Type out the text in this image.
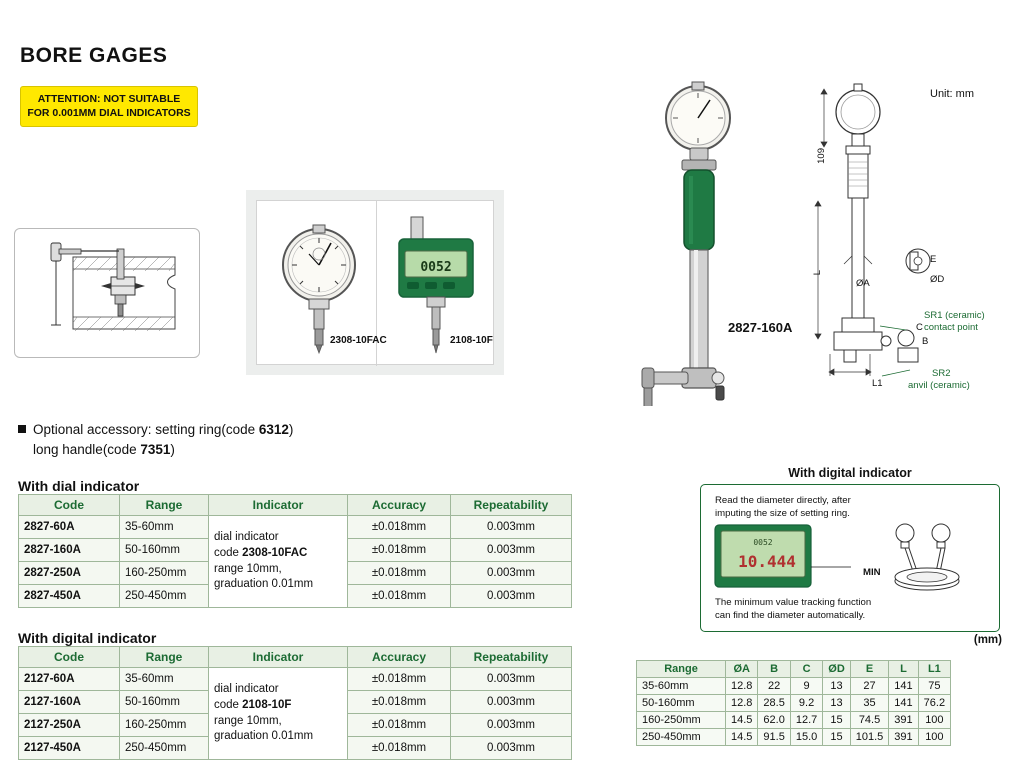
BORE GAGES
ATTENTION: NOT SUITABLE
FOR 0.001MM DIAL INDICATORS
2308-10FAC
0052
2108-10F
Optional accessory: setting ring(code 6312)
long handle(code 7351)
With dial indicator
Code	Range	Indicator	Accuracy	Repeatability
2827-60A	35-60mm	dial indicator
code 2308-10FAC
range 10mm,
graduation 0.01mm	±0.018mm	0.003mm
2827-160A	50-160mm		±0.018mm	0.003mm
2827-250A	160-250mm		±0.018mm	0.003mm
2827-450A	250-450mm		±0.018mm	0.003mm
With digital indicator
Code	Range	Indicator	Accuracy	Repeatability
2127-60A	35-60mm	dial indicator
code 2108-10F
range 10mm,
graduation 0.01mm	±0.018mm	0.003mm
2127-160A	50-160mm		±0.018mm	0.003mm
2127-250A	160-250mm		±0.018mm	0.003mm
2127-450A	250-450mm		±0.018mm	0.003mm
Unit: mm
2827-160A
109
L
L1
ØA	ØD
E
B
C
SR1 (ceramic)
contact point
SR2
anvil (ceramic)
With digital indicator
Read the diameter directly, after
imputing the size of setting ring.
0052
10.444
MIN
The minimum value tracking function
can find the diameter automatically.
(mm)
Range	ØA	B	C	ØD	E	L	L1
35-60mm	12.8	22	9	13	27	141	75
50-160mm	12.8	28.5	9.2	13	35	141	76.2
160-250mm	14.5	62.0	12.7	15	74.5	391	100
250-450mm	14.5	91.5	15.0	15	101.5	391	100
